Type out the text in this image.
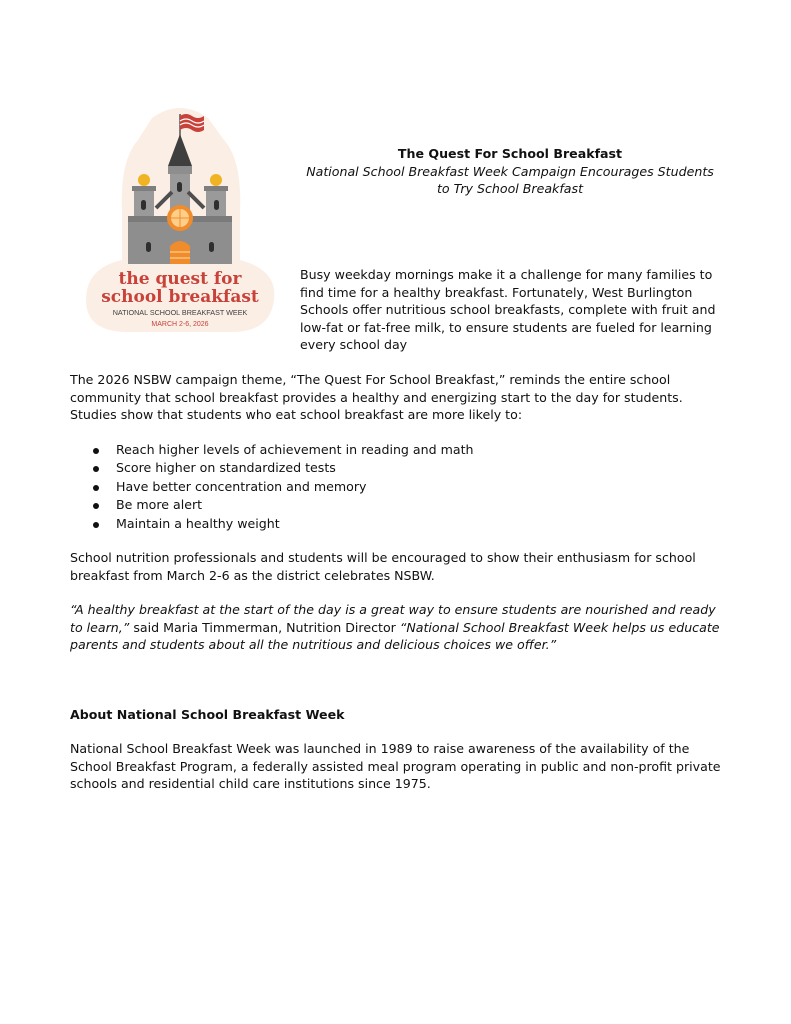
the quest for
school breakfast
NATIONAL SCHOOL BREAKFAST WEEK
MARCH 2-6, 2026
The Quest For School Breakfast
National School Breakfast Week Campaign Encourages Students to Try School Breakfast
Busy weekday mornings make it a challenge for many families to find time for a healthy breakfast. Fortunately, West Burlington Schools offer nutritious school breakfasts, complete with fruit and low-fat or fat-free milk, to ensure students are fueled for learning every school day

The 2026 NSBW campaign theme, “The Quest For School Breakfast,” reminds the entire school community that school breakfast provides a healthy and energizing start to the day for students. Studies show that students who eat school breakfast are more likely to:

Reach higher levels of achievement in reading and math
Score higher on standardized tests
Have better concentration and memory
Be more alert
Maintain a healthy weight

School nutrition professionals and students will be encouraged to show their enthusiasm for school breakfast from March 2-6 as the district celebrates NSBW.

“A healthy breakfast at the start of the day is a great way to ensure students are nourished and ready to learn,” said Maria Timmerman, Nutrition Director “National School Breakfast Week helps us educate parents and students about all the nutritious and delicious choices we offer.”

About National School Breakfast Week

National School Breakfast Week was launched in 1989 to raise awareness of the availability of the School Breakfast Program, a federally assisted meal program operating in public and non-profit private schools and residential child care institutions since 1975.
